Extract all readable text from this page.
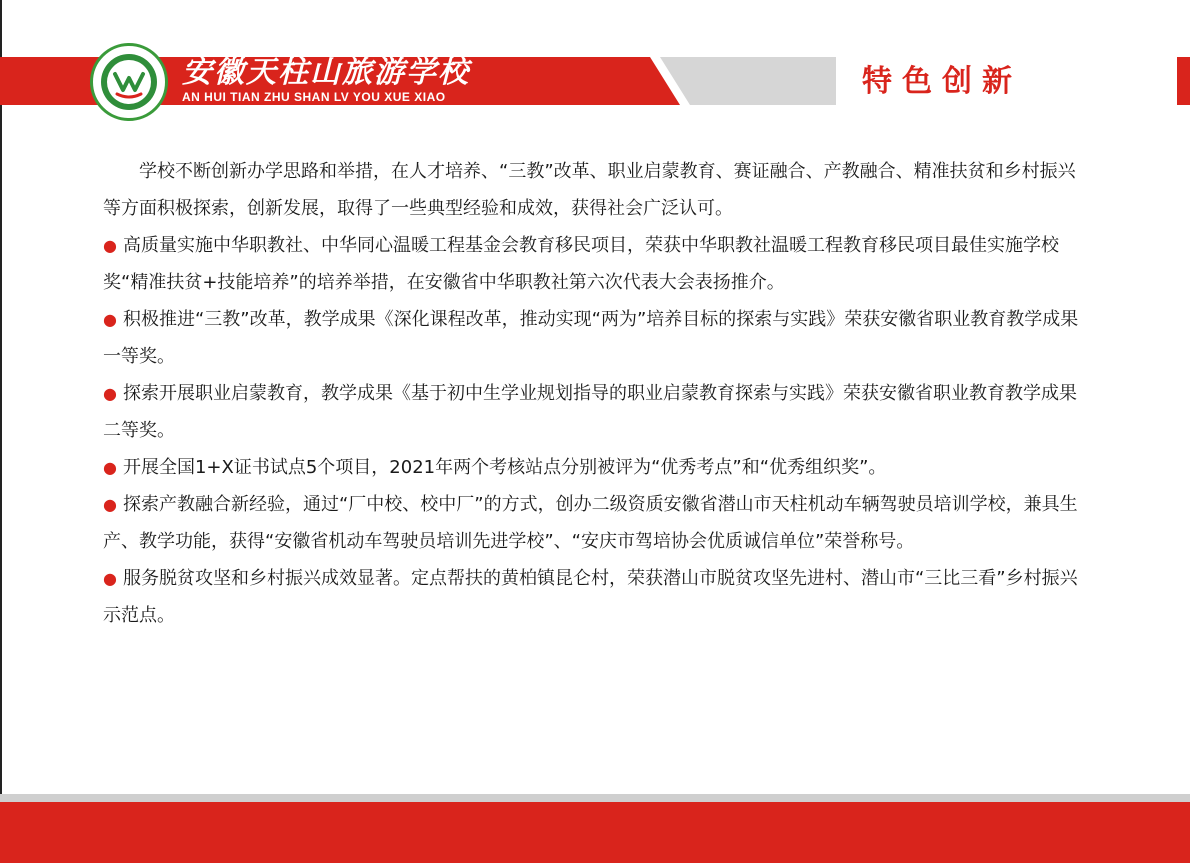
安徽天柱山旅游学校
AN HUI TIAN ZHU SHAN LV YOU XUE XIAO	特色创新

学校不断创新办学思路和举措，在人才培养、“三教”改革、职业启蒙教育、赛证融合、产教融合、精准扶贫和乡村振兴等方面积极探索，创新发展，取得了一些典型经验和成效，获得社会广泛认可。

● 高质量实施中华职教社、中华同心温暖工程基金会教育移民项目，荣获中华职教社温暖工程教育移民项目最佳实施学校奖“精准扶贫+技能培养”的培养举措，在安徽省中华职教社第六次代表大会表扬推介。

● 积极推进“三教”改革，教学成果《深化课程改革，推动实现“两为”培养目标的探索与实践》荣获安徽省职业教育教学成果一等奖。

● 探索开展职业启蒙教育，教学成果《基于初中生学业规划指导的职业启蒙教育探索与实践》荣获安徽省职业教育教学成果二等奖。

● 开展全国1+X证书试点5个项目，2021年两个考核站点分别被评为“优秀考点”和“优秀组织奖”。

● 探索产教融合新经验，通过“厂中校、校中厂”的方式，创办二级资质安徽省潜山市天柱机动车辆驾驶员培训学校，兼具生产、教学功能，获得“安徽省机动车驾驶员培训先进学校”、“安庆市驾培协会优质诚信单位”荣誉称号。

● 服务脱贫攻坚和乡村振兴成效显著。定点帮扶的黄柏镇昆仑村，荣获潜山市脱贫攻坚先进村、潜山市“三比三看”乡村振兴示范点。
